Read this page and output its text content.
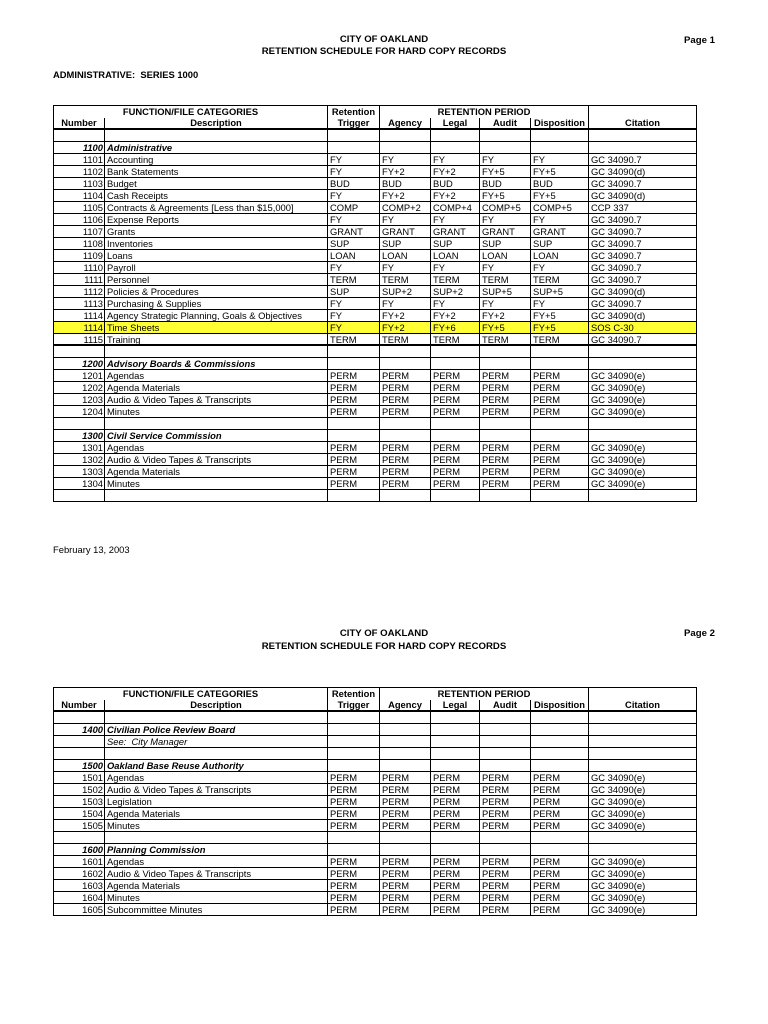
CITY OF OAKLAND
RETENTION SCHEDULE FOR HARD COPY RECORDS
Page 1
ADMINISTRATIVE:  SERIES 1000
FUNCTION/FILE CATEGORIES	Retention	RETENTION PERIOD
Number	Description	Trigger	Agency	Legal	Audit	Disposition	Citation
1100 Administrative
1101 Accounting	FY	FY	FY	FY	FY	GC 34090.7
1102 Bank Statements	FY	FY+2	FY+2	FY+5	FY+5	GC 34090(d)
1103 Budget	BUD	BUD	BUD	BUD	BUD	GC 34090.7
1104 Cash Receipts	FY	FY+2	FY+2	FY+5	FY+5	GC 34090(d)
1105 Contracts & Agreements [Less than $15,000]	COMP	COMP+2	COMP+4	COMP+5	COMP+5	CCP 337
1106 Expense Reports	FY	FY	FY	FY	FY	GC 34090.7
1107 Grants	GRANT	GRANT	GRANT	GRANT	GRANT	GC 34090.7
1108 Inventories	SUP	SUP	SUP	SUP	SUP	GC 34090.7
1109 Loans	LOAN	LOAN	LOAN	LOAN	LOAN	GC 34090.7
1110 Payroll	FY	FY	FY	FY	FY	GC 34090.7
1111 Personnel	TERM	TERM	TERM	TERM	TERM	GC 34090.7
1112 Policies & Procedures	SUP	SUP+2	SUP+2	SUP+5	SUP+5	GC 34090(d)
1113 Purchasing & Supplies	FY	FY	FY	FY	FY	GC 34090.7
1114 Agency Strategic Planning, Goals & Objectives	FY	FY+2	FY+2	FY+2	FY+5	GC 34090(d)
1114 Time Sheets	FY	FY+2	FY+6	FY+5	FY+5	SOS C-30
1115 Training	TERM	TERM	TERM	TERM	TERM	GC 34090.7
1200 Advisory Boards & Commissions
1201 Agendas	PERM	PERM	PERM	PERM	PERM	GC 34090(e)
1202 Agenda Materials	PERM	PERM	PERM	PERM	PERM	GC 34090(e)
1203 Audio & Video Tapes & Transcripts	PERM	PERM	PERM	PERM	PERM	GC 34090(e)
1204 Minutes	PERM	PERM	PERM	PERM	PERM	GC 34090(e)
1300 Civil Service Commission
1301 Agendas	PERM	PERM	PERM	PERM	PERM	GC 34090(e)
1302 Audio & Video Tapes & Transcripts	PERM	PERM	PERM	PERM	PERM	GC 34090(e)
1303 Agenda Materials	PERM	PERM	PERM	PERM	PERM	GC 34090(e)
1304 Minutes	PERM	PERM	PERM	PERM	PERM	GC 34090(e)
February 13, 2003
CITY OF OAKLAND
RETENTION SCHEDULE FOR HARD COPY RECORDS
Page 2
FUNCTION/FILE CATEGORIES	Retention	RETENTION PERIOD
Number	Description	Trigger	Agency	Legal	Audit	Disposition	Citation
1400 Civilian Police Review Board
See:  City Manager
1500 Oakland Base Reuse Authority
1501 Agendas	PERM	PERM	PERM	PERM	PERM	GC 34090(e)
1502 Audio & Video Tapes & Transcripts	PERM	PERM	PERM	PERM	PERM	GC 34090(e)
1503 Legislation	PERM	PERM	PERM	PERM	PERM	GC 34090(e)
1504 Agenda Materials	PERM	PERM	PERM	PERM	PERM	GC 34090(e)
1505 Minutes	PERM	PERM	PERM	PERM	PERM	GC 34090(e)
1600 Planning Commission
1601 Agendas	PERM	PERM	PERM	PERM	PERM	GC 34090(e)
1602 Audio & Video Tapes & Transcripts	PERM	PERM	PERM	PERM	PERM	GC 34090(e)
1603 Agenda Materials	PERM	PERM	PERM	PERM	PERM	GC 34090(e)
1604 Minutes	PERM	PERM	PERM	PERM	PERM	GC 34090(e)
1605 Subcommittee Minutes	PERM	PERM	PERM	PERM	PERM	GC 34090(e)
